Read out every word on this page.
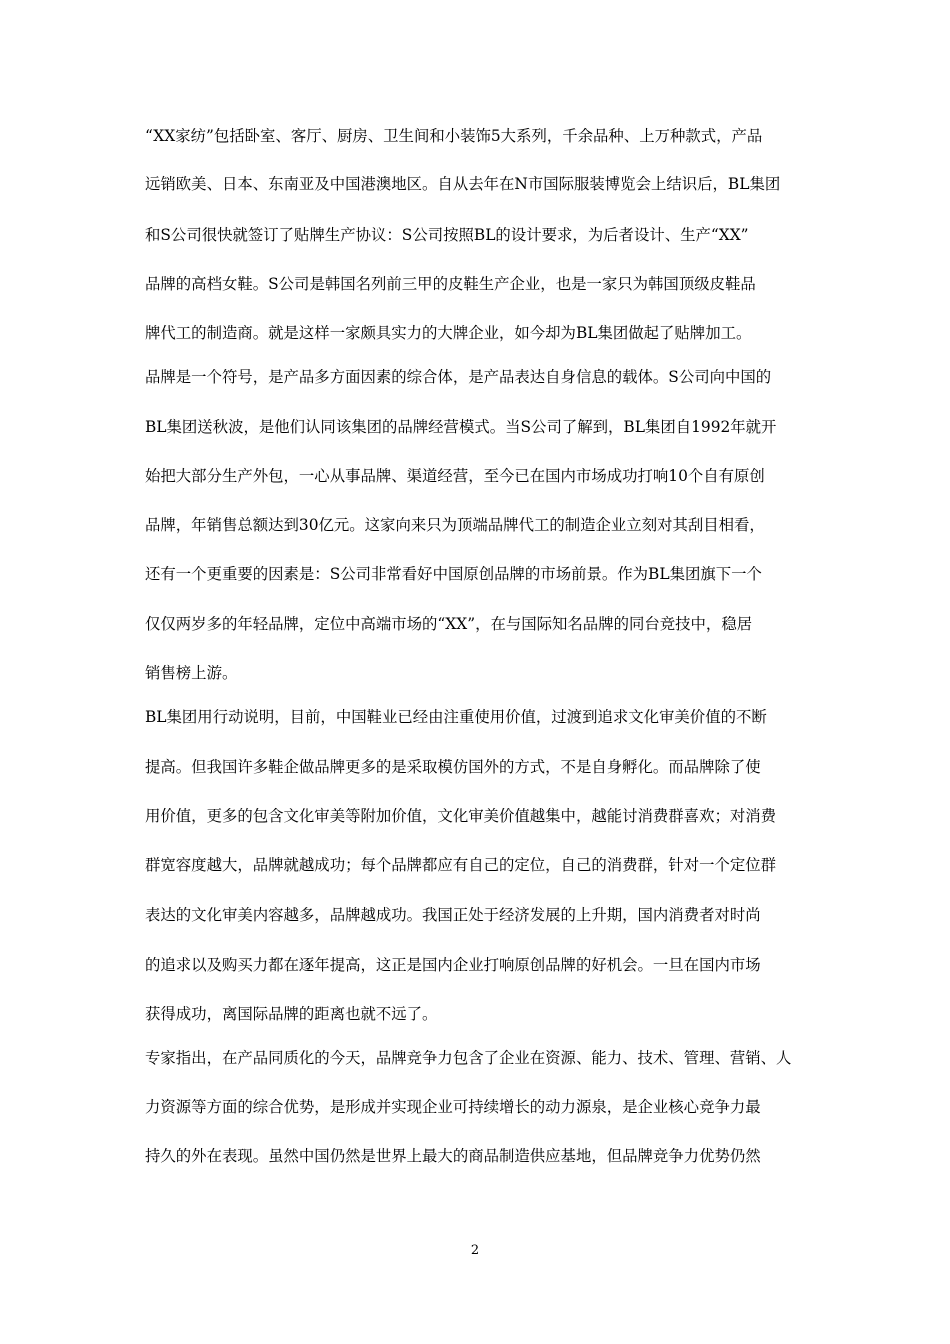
“XX家纺”包括卧室、客厅、厨房、卫生间和小装饰5大系列，千余品种、上万种款式，产品
远销欧美、日本、东南亚及中国港澳地区。自从去年在N市国际服装博览会上结识后，BL集团
和S公司很快就签订了贴牌生产协议：S公司按照BL的设计要求，为后者设计、生产“XX”
品牌的高档女鞋。S公司是韩国名列前三甲的皮鞋生产企业，也是一家只为韩国顶级皮鞋品
牌代工的制造商。就是这样一家颇具实力的大牌企业，如今却为BL集团做起了贴牌加工。
品牌是一个符号，是产品多方面因素的综合体，是产品表达自身信息的载体。S公司向中国的
BL集团送秋波，是他们认同该集团的品牌经营模式。当S公司了解到，BL集团自1992年就开
始把大部分生产外包，一心从事品牌、渠道经营，至今已在国内市场成功打响10个自有原创
品牌，年销售总额达到30亿元。这家向来只为顶端品牌代工的制造企业立刻对其刮目相看，
还有一个更重要的因素是：S公司非常看好中国原创品牌的市场前景。作为BL集团旗下一个
仅仅两岁多的年轻品牌，定位中高端市场的“XX”，在与国际知名品牌的同台竞技中，稳居
销售榜上游。
BL集团用行动说明，目前，中国鞋业已经由注重使用价值，过渡到追求文化审美价值的不断
提高。但我国许多鞋企做品牌更多的是采取模仿国外的方式，不是自身孵化。而品牌除了使
用价值，更多的包含文化审美等附加价值，文化审美价值越集中，越能讨消费群喜欢；对消费
群宽容度越大，品牌就越成功；每个品牌都应有自己的定位，自己的消费群，针对一个定位群
表达的文化审美内容越多，品牌越成功。我国正处于经济发展的上升期，国内消费者对时尚
的追求以及购买力都在逐年提高，这正是国内企业打响原创品牌的好机会。一旦在国内市场
获得成功，离国际品牌的距离也就不远了。
专家指出，在产品同质化的今天，品牌竞争力包含了企业在资源、能力、技术、管理、营销、人
力资源等方面的综合优势，是形成并实现企业可持续增长的动力源泉，是企业核心竞争力最
持久的外在表现。虽然中国仍然是世界上最大的商品制造供应基地，但品牌竞争力优势仍然
2
